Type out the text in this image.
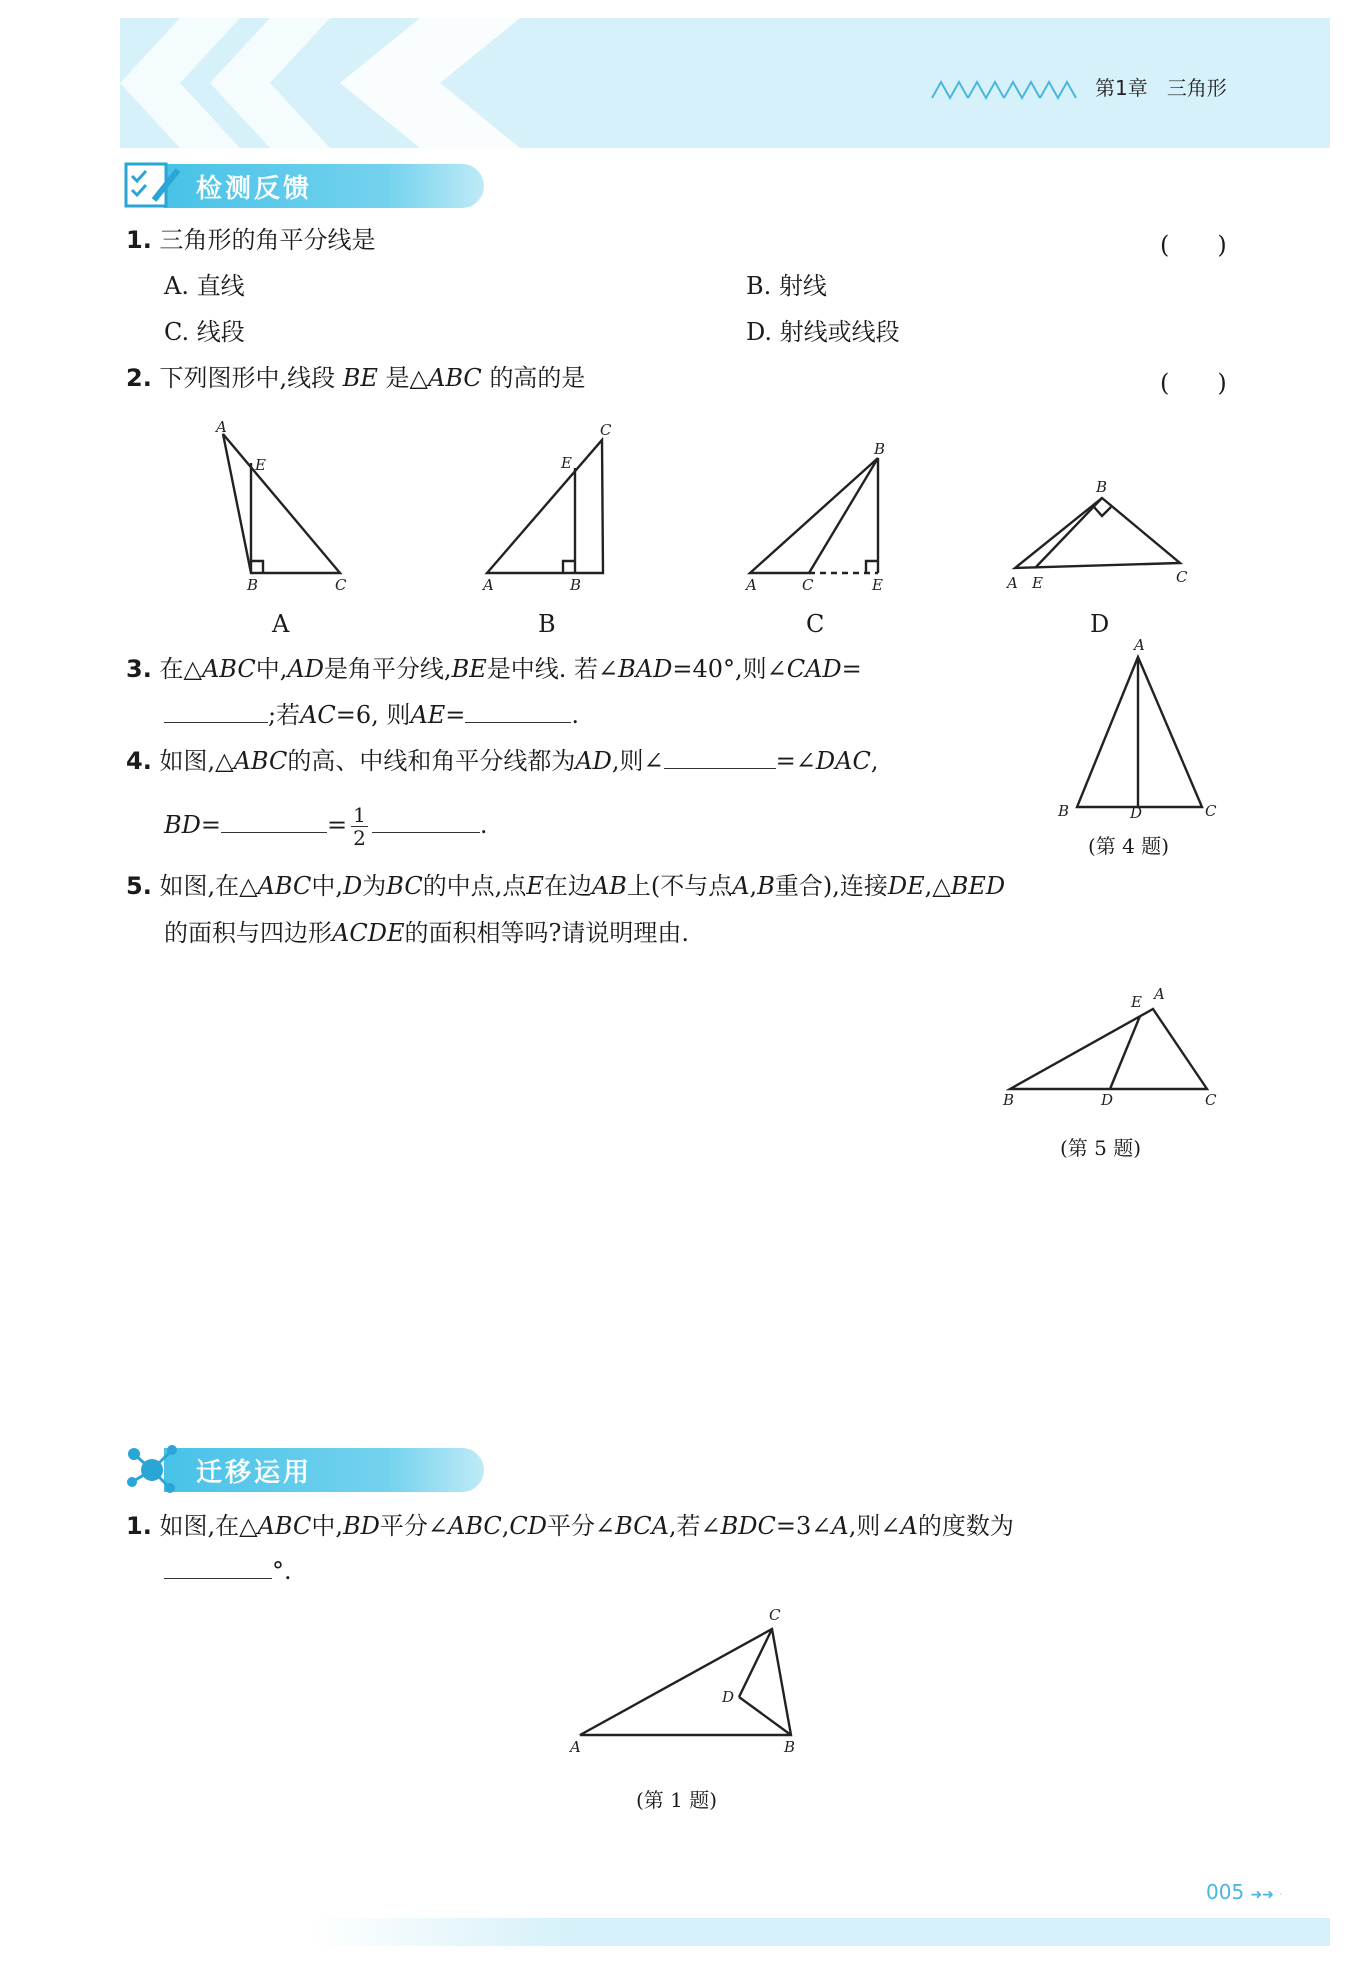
第1章 三角形
检测反馈
1. 三角形的角平分线是	(　　)
A. 直线	B. 射线
C. 线段	D. 射线或线段
2. 下列图形中,线段 BE 是△ABC 的高的是	(　　)
A
E
B	C
C
E
A	B
B
A	C	E
B
A E	C
A	B	C	D
3. 在△ABC中,AD是角平分线,BE是中线. 若∠BAD=40°,则∠CAD=
;若AC=6, 则AE=	.
4. 如图,△ABC的高、中线和角平分线都为AD,则∠	=∠DAC,
BD=	= $\frac{1}{2}$	.
A
B	D	C
(第 4 题)
5. 如图,在△ABC中,D为BC的中点,点E在边AB上(不与点A,B重合),连接DE,△BED
的面积与四边形ACDE的面积相等吗?请说明理由.
A
E
B	D	C
(第 5 题)
迁移运用
1. 如图,在△ABC中,BD平分∠ABC,CD平分∠BCA,若∠BDC=3∠A,则∠A的度数为
°.
C
D
A	B
(第 1 题)
005 ➜➜ ·
